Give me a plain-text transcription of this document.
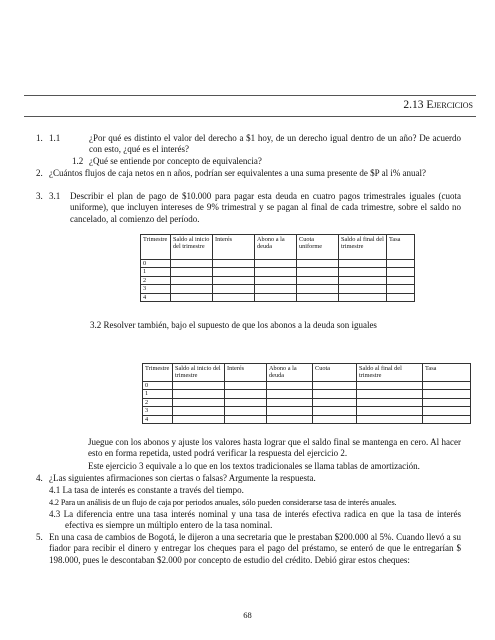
2.13 Ejercicios
1. 1.1	¿Por qué es distinto el valor del derecho a $1 hoy, de un derecho igual dentro de un año? De acuerdo con esto, ¿qué es el interés?
1.2 ¿Qué se entiende por concepto de equivalencia?
2. ¿Cuántos flujos de caja netos en n años, podrían ser equivalentes a una suma presente de $P al i% anual?
3. 3.1 Describir el plan de pago de $10.000 para pagar esta deuda en cuatro pagos trimestrales iguales (cuota uniforme), que incluyen intereses de 9% trimestral y se pagan al final de cada trimestre, sobre el saldo no cancelado, al comienzo del período.
Trimestre	Saldo al inicio del trimestre	Interés	Abono a la deuda	Cuota uniforme	Saldo al final del trimestre	Tasa
0						
1						
2						
3						
4						
3.2 Resolver también, bajo el supuesto de que los abonos a la deuda son iguales
Trimestre	Saldo al inicio del trimestre	Interés	Abono a la deuda	Cuota	Saldo al final del trimestre	Tasa
0						
1						
2						
3						
4						
Juegue con los abonos y ajuste los valores hasta lograr que el saldo final se mantenga en cero. Al hacer esto en forma repetida, usted podrá verificar la respuesta del ejercicio 2.
Este ejercicio 3 equivale a lo que en los textos tradicionales se llama tablas de amortización.
4. ¿Las siguientes afirmaciones son ciertas o falsas? Argumente la respuesta.
4.1 La tasa de interés es constante a través del tiempo.
4.2 Para un análisis de un flujo de caja por periodos anuales, sólo pueden considerarse tasa de interés anuales.
4.3 La diferencia entre una tasa interés nominal y una tasa de interés efectiva radica en que la tasa de interés efectiva es siempre un múltiplo entero de la tasa nominal.
5. En una casa de cambios de Bogotá, le dijeron a una secretaria que le prestaban $200.000 al 5%. Cuando llevó a su fiador para recibir el dinero y entregar los cheques para el pago del préstamo, se enteró de que le entregarían $ 198.000, pues le descontaban $2.000 por concepto de estudio del crédito. Debió girar estos cheques:
68
